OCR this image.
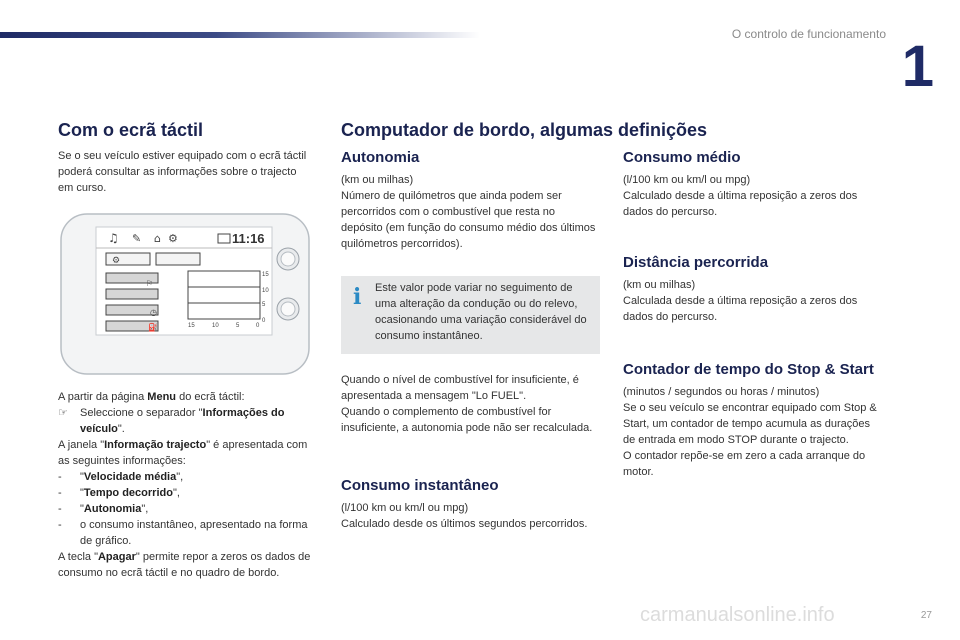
O controlo de funcionamento 1
Com o ecrã táctil

Se o seu veículo estiver equipado com o ecrã táctil poderá consultar as informações sobre o trajecto em curso.

♫ ✎ ⌂ ⚙	11:16
⚙
⚐
◷
⛽
15
10
5
0
15	10	5	0
A partir da página Menu do ecrã táctil:
☞ Seleccione o separador "Informações do veículo".
A janela "Informação trajecto" é apresentada com as seguintes informações:
- "Velocidade média",
- "Tempo decorrido",
- "Autonomia",
- o consumo instantâneo, apresentado na forma de gráfico.
A tecla "Apagar" permite repor a zeros os dados de consumo no ecrã táctil e no quadro de bordo.
Computador de bordo, algumas definições
Autonomia

(km ou milhas)
Número de quilómetros que ainda podem ser percorridos com o combustível que resta no depósito (em função do consumo médio dos últimos quilómetros percorridos).

i Este valor pode variar no seguimento de uma alteração da condução ou do relevo, ocasionando uma variação considerável do consumo instantâneo.

Quando o nível de combustível for insuficiente, é apresentada a mensagem "Lo FUEL".
Quando o complemento de combustível for insuficiente, a autonomia pode não ser recalculada.

Consumo instantâneo

(l/100 km ou km/l ou mpg)
Calculado desde os últimos segundos percorridos.

Consumo médio

(l/100 km ou km/l ou mpg)
Calculado desde a última reposição a zeros dos dados do percurso.

Distância percorrida

(km ou milhas)
Calculada desde a última reposição a zeros dos dados do percurso.

Contador de tempo do Stop & Start

(minutos / segundos ou horas / minutos)
Se o seu veículo se encontrar equipado com Stop & Start, um contador de tempo acumula as durações de entrada em modo STOP durante o trajecto.
O contador repõe-se em zero a cada arranque do motor.

carmanualsonline.info	27
